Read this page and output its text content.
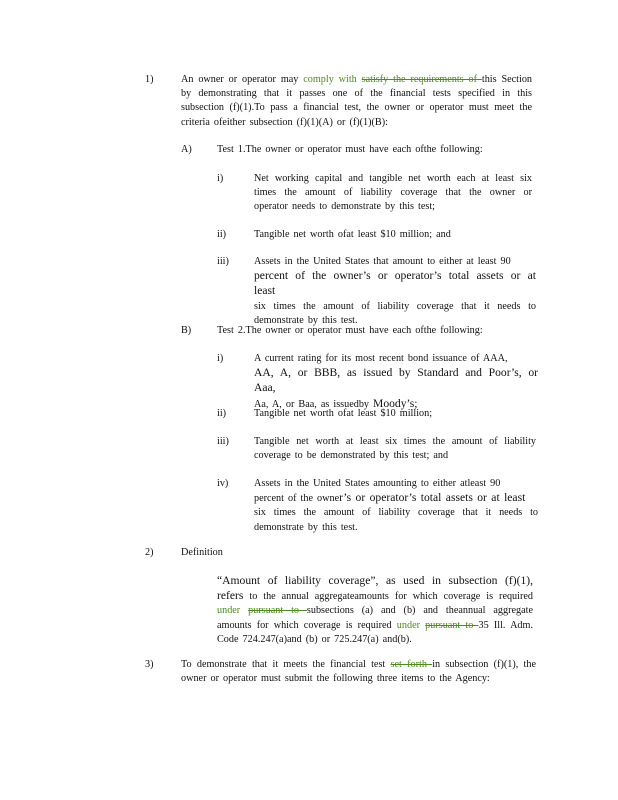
1)	An owner or operator may comply with satisfy the requirements of this Section by demonstrating that it passes one of the financial tests specified in this subsection (f)(1).To pass a financial test, the owner or operator must meet the criteria ofeither subsection (f)(1)(A) or (f)(1)(B):
A) Test 1.The owner or operator must have each ofthe following:
i)	Net working capital and tangible net worth each at least six times the amount of liability coverage that the owner or operator needs to demonstrate by this test;
ii)	Tangible net worth ofat least $10 million; and
iii) Assets in the United States that amount to either at least 90
percent of the owner’s or operator’s total assets or at least
six times the amount of liability coverage that it needs to demonstrate by this test.
B)	Test 2.The owner or operator must have each ofthe following:
i)	A current rating for its most recent bond issuance of AAA,
AA, A, or BBB, as issued by Standard and Poor’s, or Aaa,
Aa, A, or Baa, as issuedby Moody’s;
ii)	Tangible net worth ofat least $10 million;
iii) Tangible net worth at least six times the amount of liability coverage to be demonstrated by this test; and
iv)	Assets in the United States amounting to either atleast 90
percent of the owner’s or operator’s total assets or at least
six times the amount of liability coverage that it needs to demonstrate by this test.
2)	Definition
“Amount of liability coverage”, as used in subsection (f)(1), refers to the annual aggregateamounts for which coverage is required under pursuant to subsections (a) and (b) and theannual aggregate amounts for which coverage is required under pursuant to 35 Ill. Adm. Code 724.247(a)and (b) or 725.247(a) and(b).
3)	To demonstrate that it meets the financial test set forth in subsection (f)(1), the owner or operator must submit the following three items to the Agency:
